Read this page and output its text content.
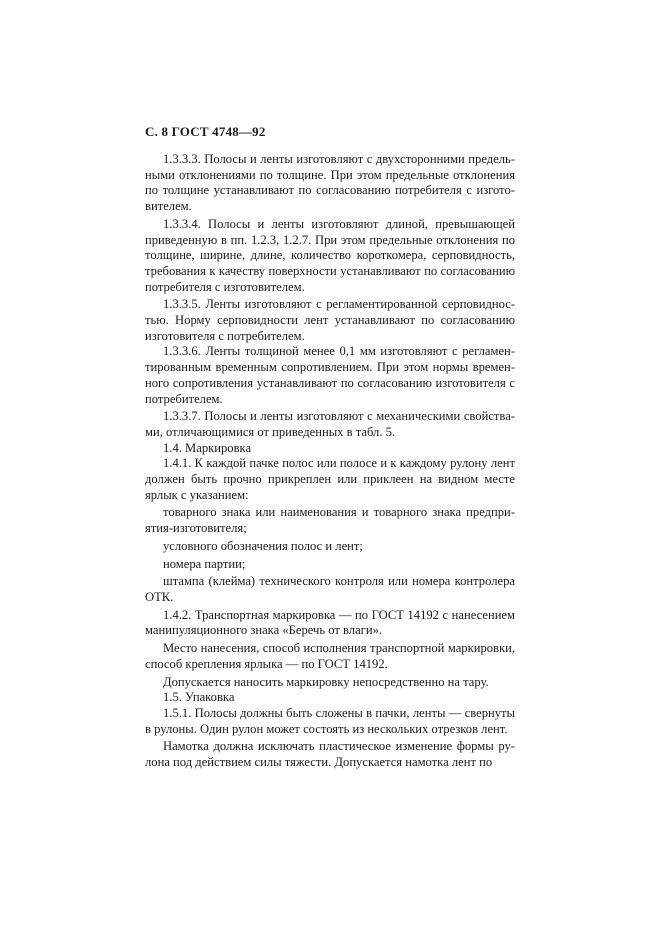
С. 8 ГОСТ 4748—92

1.3.3.3. Полосы и ленты изготовляют с двухсторонними предельными отклонениями по толщине. При этом предельные отклонения по толщине устанавливают по согласованию потребителя с изготовителем.

1.3.3.4. Полосы и ленты изготовляют длиной, превышающей приведенную в пп. 1.2.3, 1.2.7. При этом предельные отклонения по толщине, ширине, длине, количество короткомера, серповидность, требования к качеству поверхности устанавливают по согласованию потребителя с изготовителем.

1.3.3.5. Ленты изготовляют с регламентированной серповидностью. Норму серповидности лент устанавливают по согласованию изготовителя с потребителем.

1.3.3.6. Ленты толщиной менее 0,1 мм изготовляют с регламентированным временным сопротивлением. При этом нормы временного сопротивления устанавливают по согласованию изготовителя с потребителем.

1.3.3.7. Полосы и ленты изготовляют с механическими свойствами, отличающимися от приведенных в табл. 5.

1.4. Маркировка

1.4.1. К каждой пачке полос или полосе и к каждому рулону лент должен быть прочно прикреплен или приклеен на видном месте ярлык с указанием:

товарного знака или наименования и товарного знака предприятия-изготовителя;

условного обозначения полос и лент;

номера партии;

штампа (клейма) технического контроля или номера контролера ОТК.

1.4.2. Транспортная маркировка — по ГОСТ 14192 с нанесением манипуляционного знака «Беречь от влаги».

Место нанесения, способ исполнения транспортной маркировки, способ крепления ярлыка — по ГОСТ 14192.

Допускается наносить маркировку непосредственно на тару.

1.5. Упаковка

1.5.1. Полосы должны быть сложены в пачки, ленты — свернуты в рулоны. Один рулон может состоять из нескольких отрезков лент.

Намотка должна исключать пластическое изменение формы рулона под действием силы тяжести. Допускается намотка лент по
